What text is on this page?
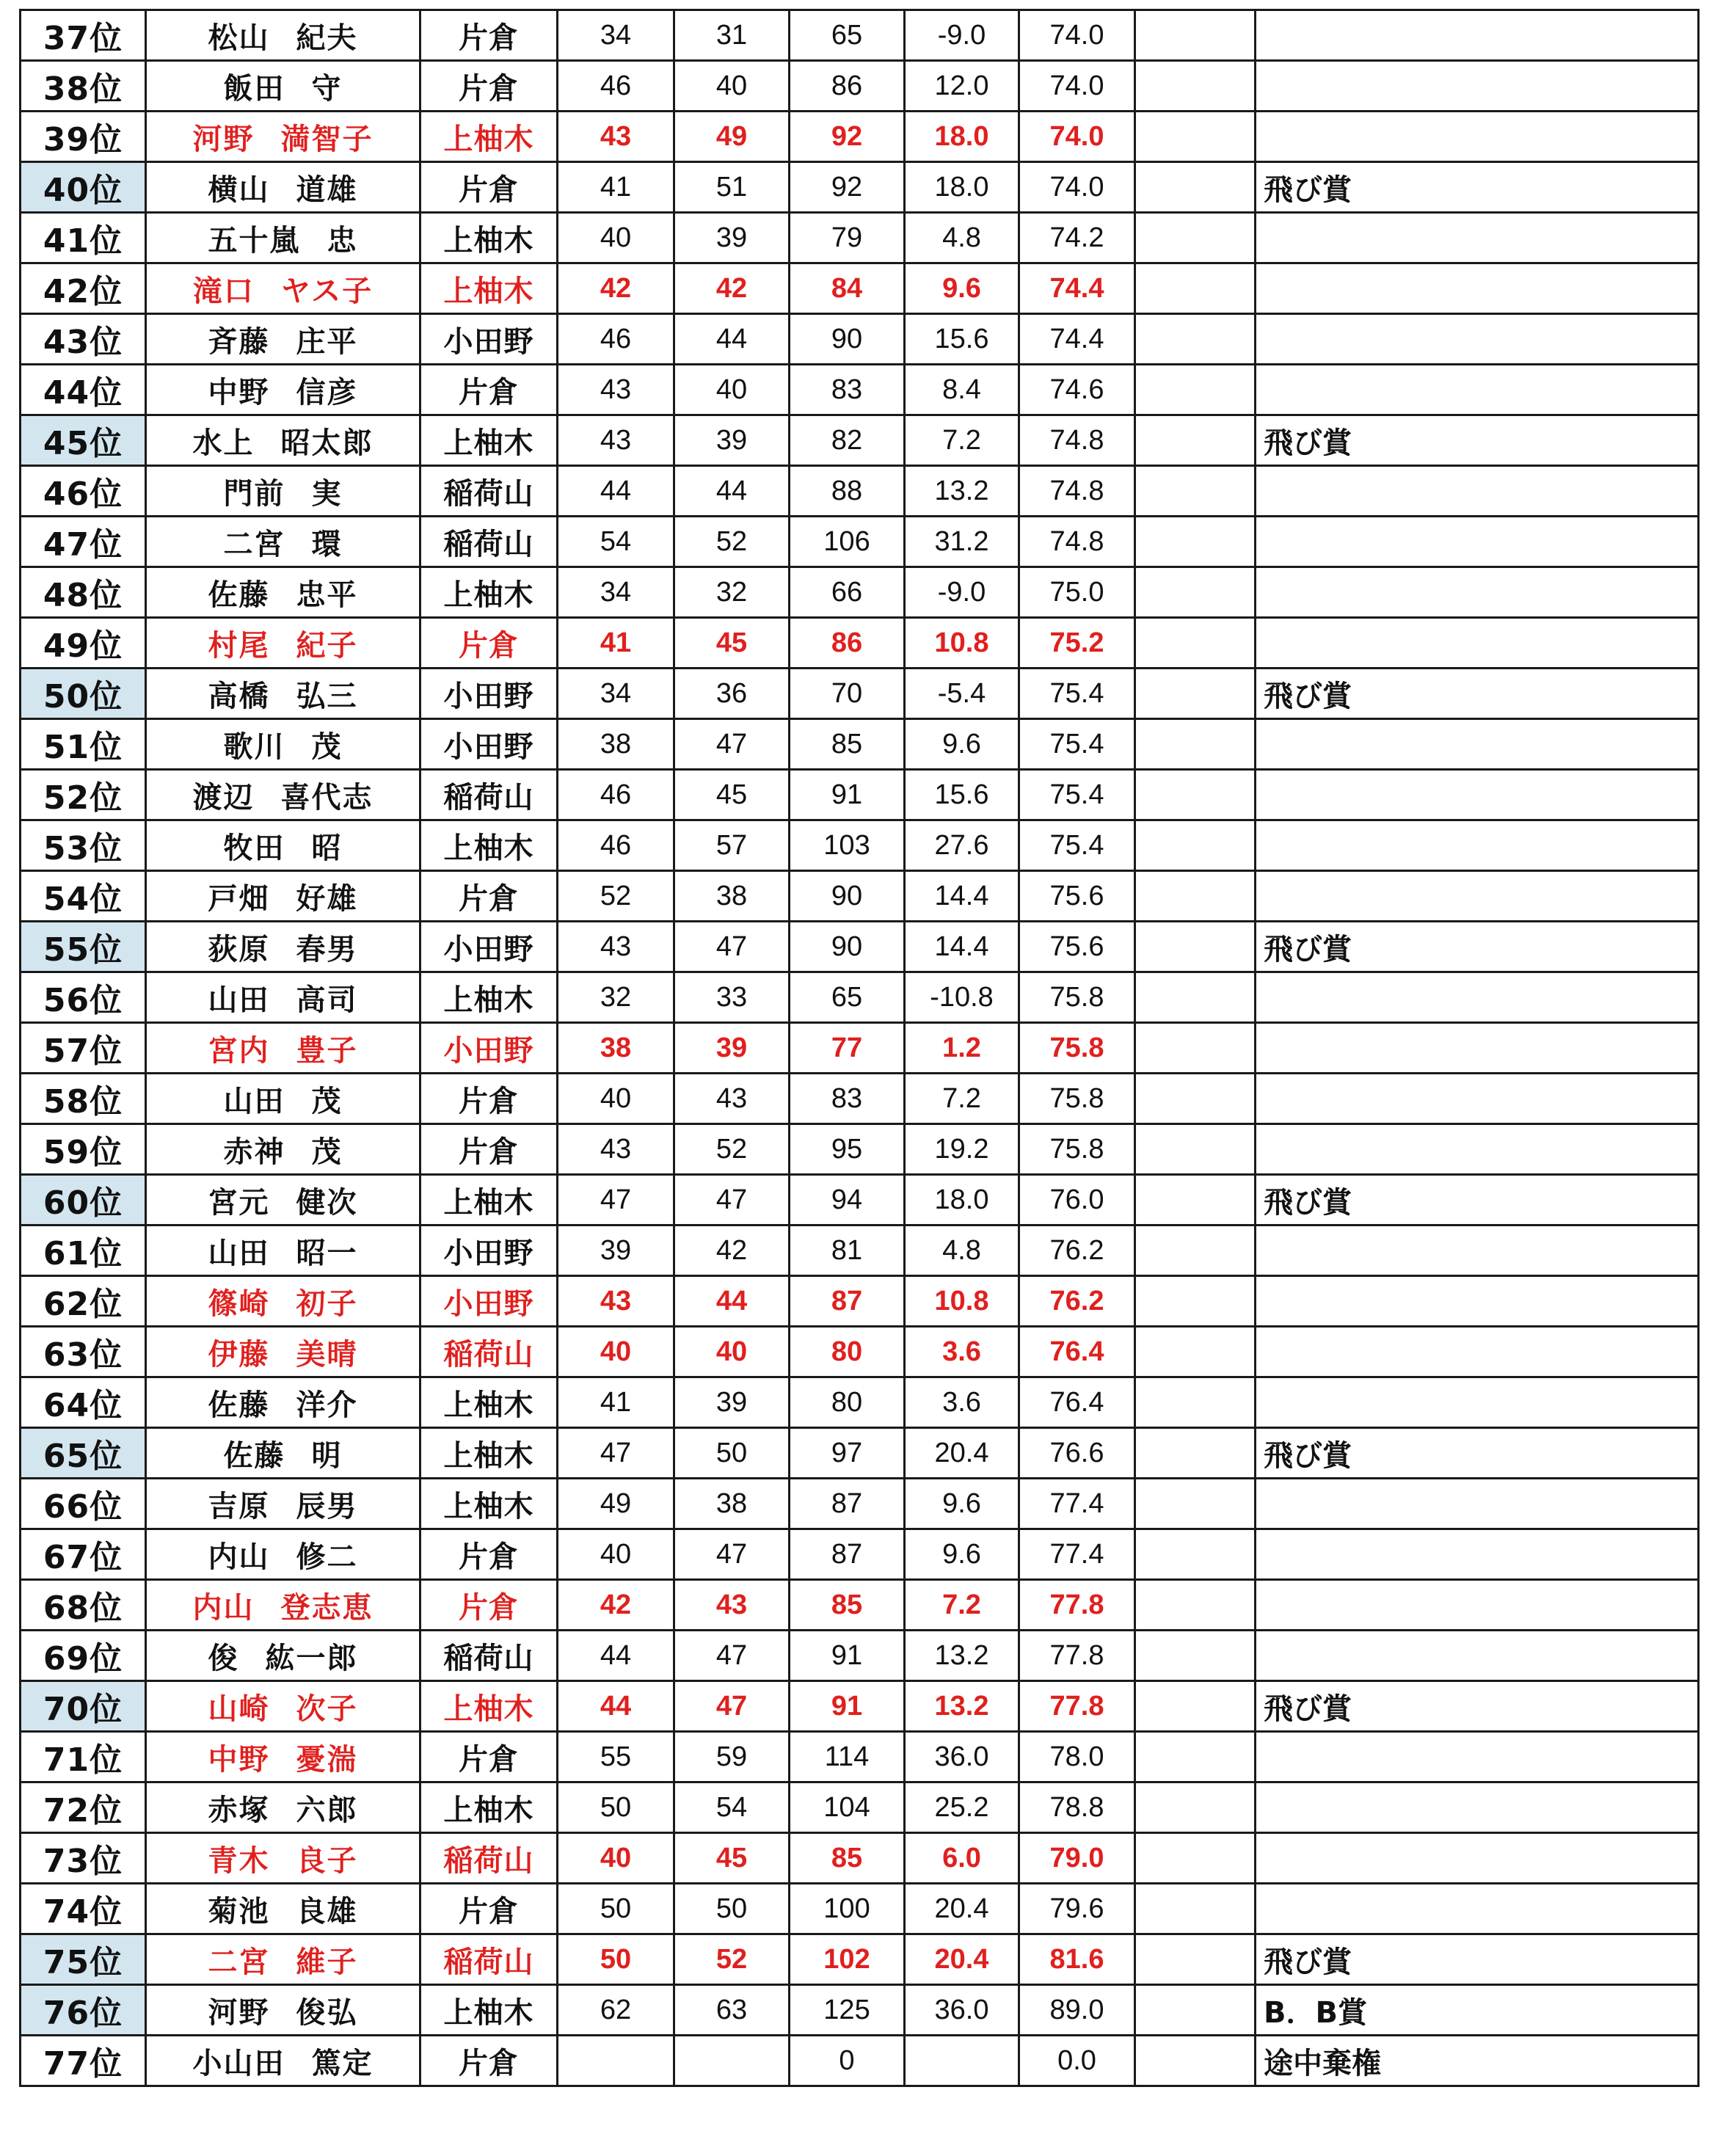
37位	松山 紀夫	片倉	34	31	65	-9.0	74.0		
38位	飯田 守	片倉	46	40	86	12.0	74.0		
39位	河野 満智子	上柚木	43	49	92	18.0	74.0		
40位	横山 道雄	片倉	41	51	92	18.0	74.0		飛び賞
41位	五十嵐 忠	上柚木	40	39	79	4.8	74.2		
42位	滝口 ヤス子	上柚木	42	42	84	9.6	74.4		
43位	斉藤 庄平	小田野	46	44	90	15.6	74.4		
44位	中野 信彦	片倉	43	40	83	8.4	74.6		
45位	水上 昭太郎	上柚木	43	39	82	7.2	74.8		飛び賞
46位	門前 実	稲荷山	44	44	88	13.2	74.8		
47位	二宮 環	稲荷山	54	52	106	31.2	74.8		
48位	佐藤 忠平	上柚木	34	32	66	-9.0	75.0		
49位	村尾 紀子	片倉	41	45	86	10.8	75.2		
50位	高橋 弘三	小田野	34	36	70	-5.4	75.4		飛び賞
51位	歌川 茂	小田野	38	47	85	9.6	75.4		
52位	渡辺 喜代志	稲荷山	46	45	91	15.6	75.4		
53位	牧田 昭	上柚木	46	57	103	27.6	75.4		
54位	戸畑 好雄	片倉	52	38	90	14.4	75.6		
55位	荻原 春男	小田野	43	47	90	14.4	75.6		飛び賞
56位	山田 高司	上柚木	32	33	65	-10.8	75.8		
57位	宮内 豊子	小田野	38	39	77	1.2	75.8		
58位	山田 茂	片倉	40	43	83	7.2	75.8		
59位	赤神 茂	片倉	43	52	95	19.2	75.8		
60位	宮元 健次	上柚木	47	47	94	18.0	76.0		飛び賞
61位	山田 昭一	小田野	39	42	81	4.8	76.2		
62位	篠崎 初子	小田野	43	44	87	10.8	76.2		
63位	伊藤 美晴	稲荷山	40	40	80	3.6	76.4		
64位	佐藤 洋介	上柚木	41	39	80	3.6	76.4		
65位	佐藤 明	上柚木	47	50	97	20.4	76.6		飛び賞
66位	吉原 辰男	上柚木	49	38	87	9.6	77.4		
67位	内山 修二	片倉	40	47	87	9.6	77.4		
68位	内山 登志恵	片倉	42	43	85	7.2	77.8		
69位	俊 紘一郎	稲荷山	44	47	91	13.2	77.8		
70位	山崎 次子	上柚木	44	47	91	13.2	77.8		飛び賞
71位	中野 憂湍	片倉	55	59	114	36.0	78.0		
72位	赤塚 六郎	上柚木	50	54	104	25.2	78.8		
73位	青木 良子	稲荷山	40	45	85	6.0	79.0		
74位	菊池 良雄	片倉	50	50	100	20.4	79.6		
75位	二宮 維子	稲荷山	50	52	102	20.4	81.6		飛び賞
76位	河野 俊弘	上柚木	62	63	125	36.0	89.0		B．B賞
77位	小山田 篤定	片倉			0		0.0		途中棄権
